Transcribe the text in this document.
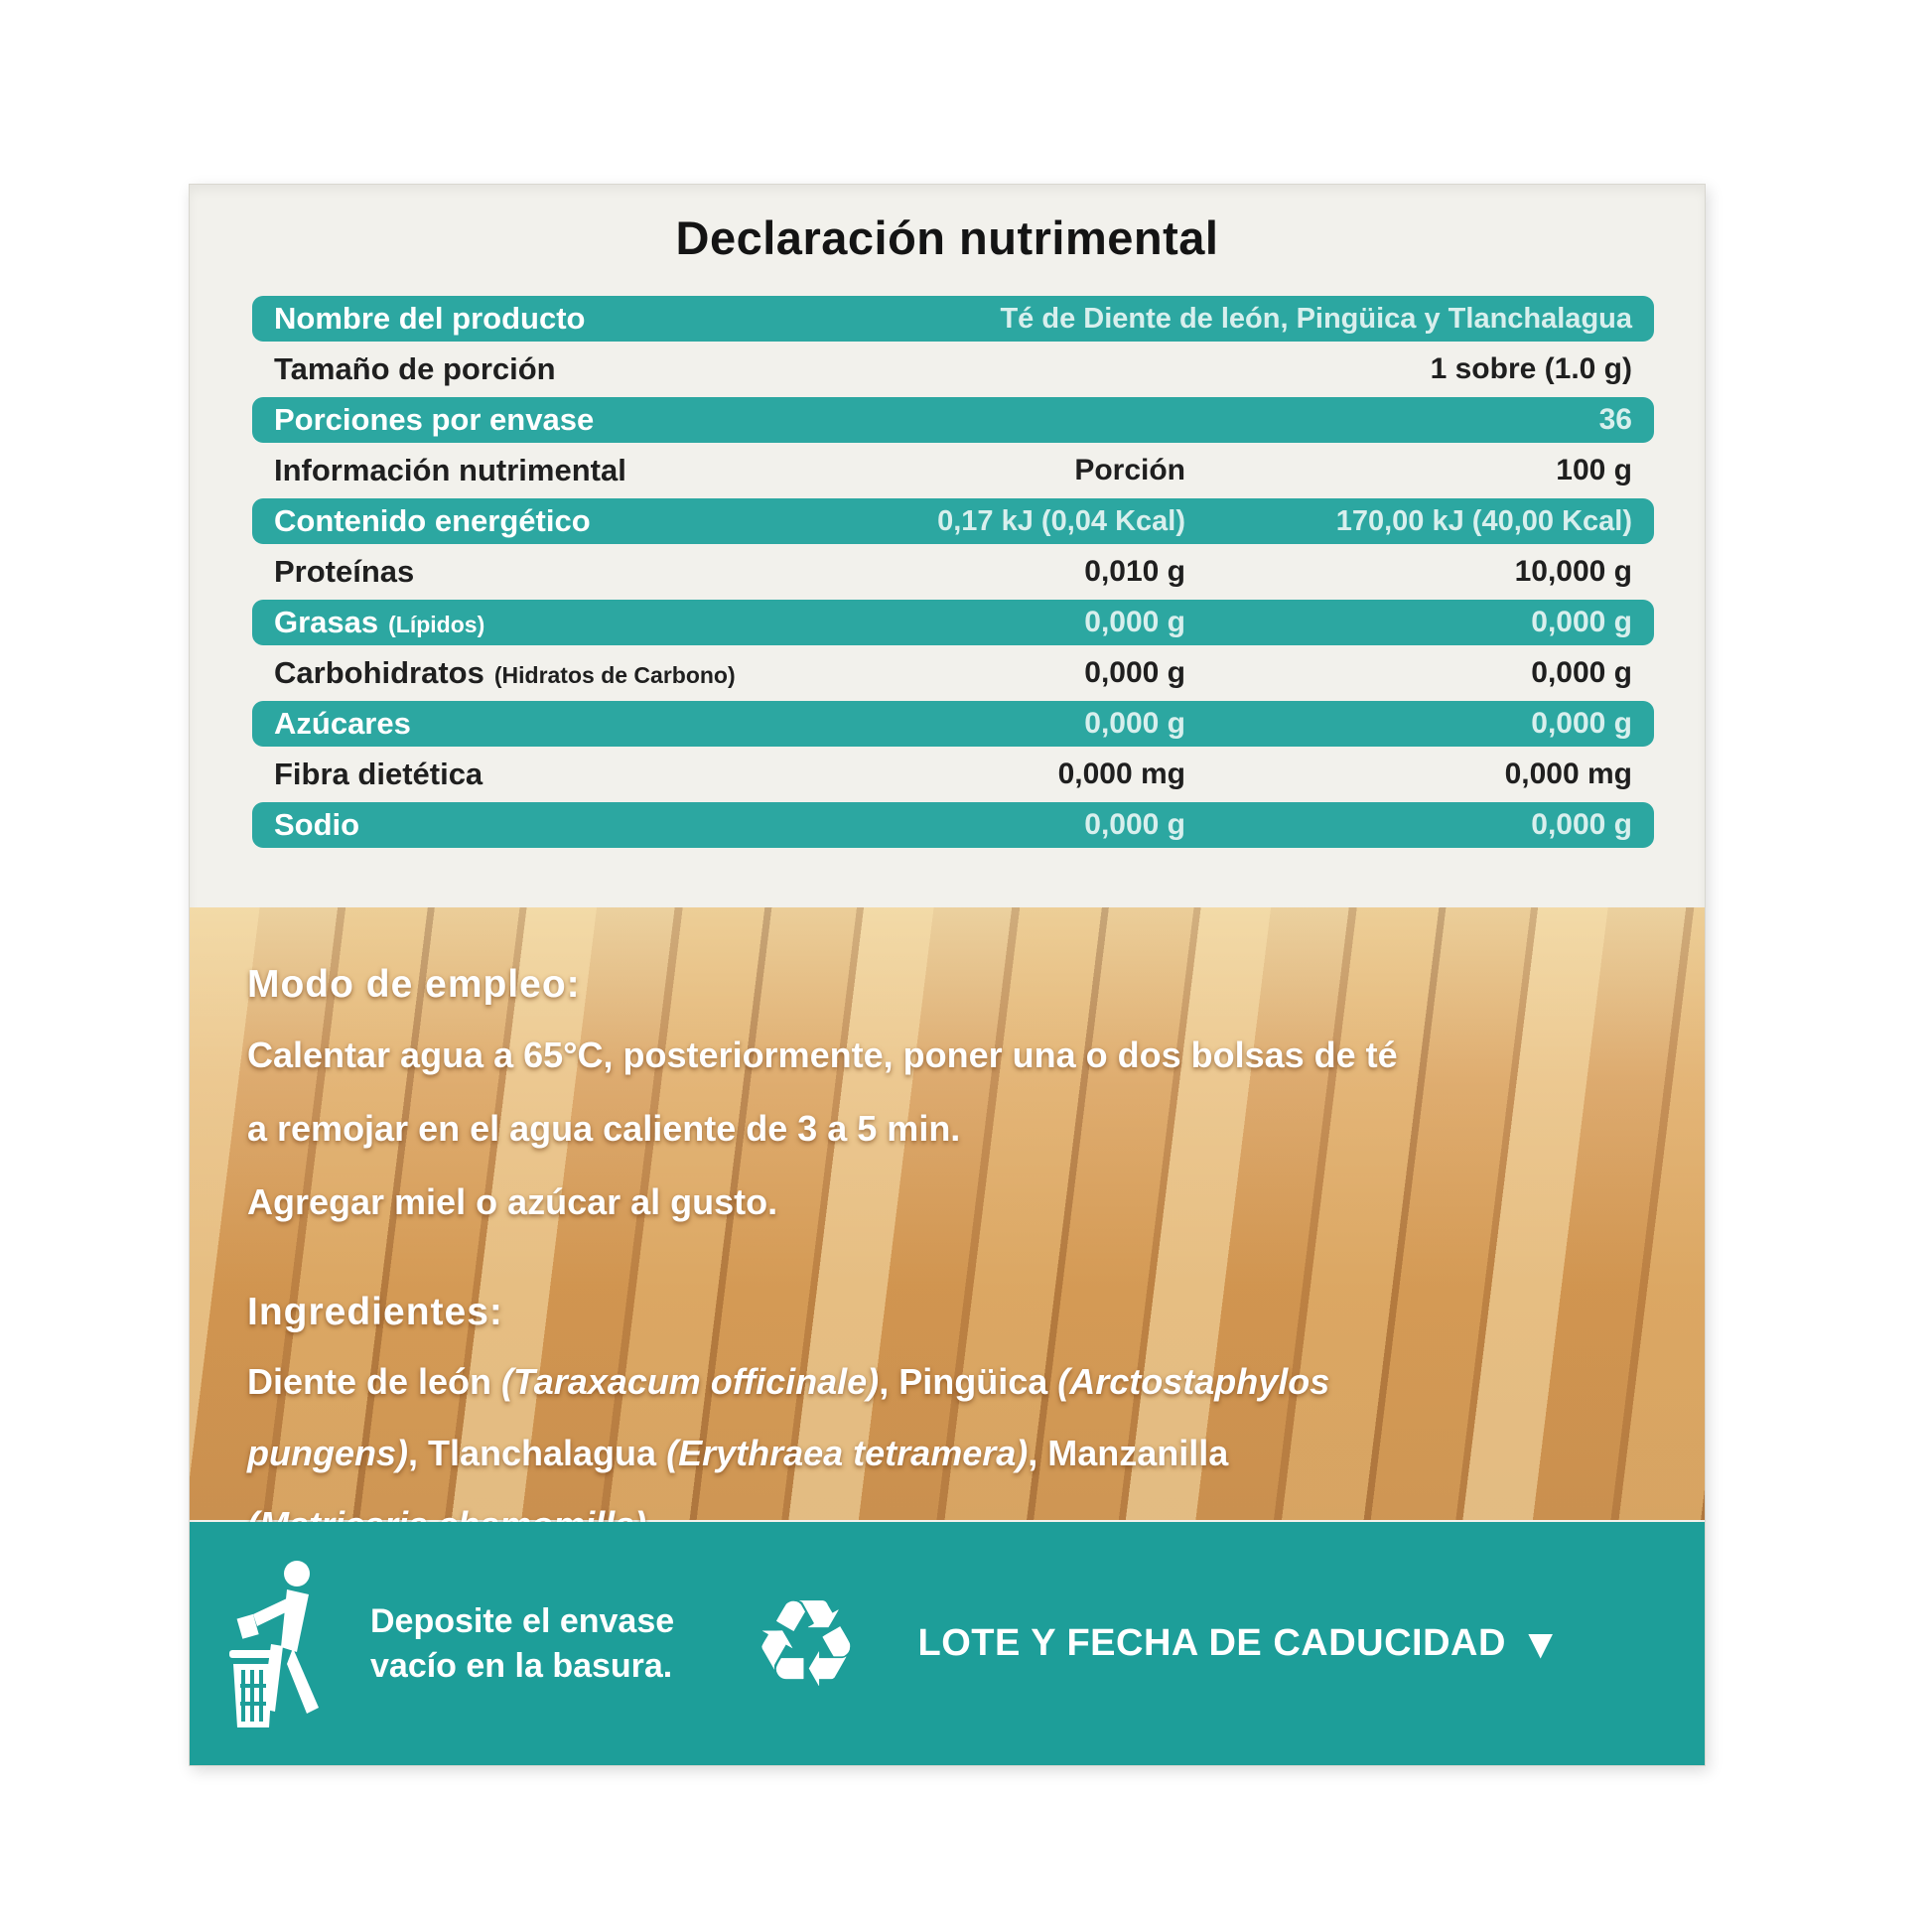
Declaración nutrimental
Nombre del producto	Té de Diente de león, Pingüica y Tlanchalagua
Tamaño de porción	1 sobre (1.0 g)
Porciones por envase	36
Información nutrimental	Porción	100 g
Contenido energético	0,17 kJ (0,04 Kcal)	170,00 kJ (40,00 Kcal)
Proteínas	0,010 g	10,000 g
Grasas (Lípidos)	0,000 g	0,000 g
Carbohidratos (Hidratos de Carbono)	0,000 g	0,000 g
Azúcares	0,000 g	0,000 g
Fibra dietética	0,000 mg	0,000 mg
Sodio	0,000 g	0,000 g
Modo de empleo:

Calentar agua a 65°C, posteriormente, poner una o dos bolsas de té a remojar en el agua caliente de 3 a 5 min.

Agregar miel o azúcar al gusto.

Ingredientes:

Diente de león (Taraxacum officinale), Pingüica (Arctostaphylos pungens), Tlanchalagua (Erythraea tetramera), Manzanilla

Deposite el envase
vacío en la basura. ♻ LOTE Y FECHA DE CADUCIDAD ▼
